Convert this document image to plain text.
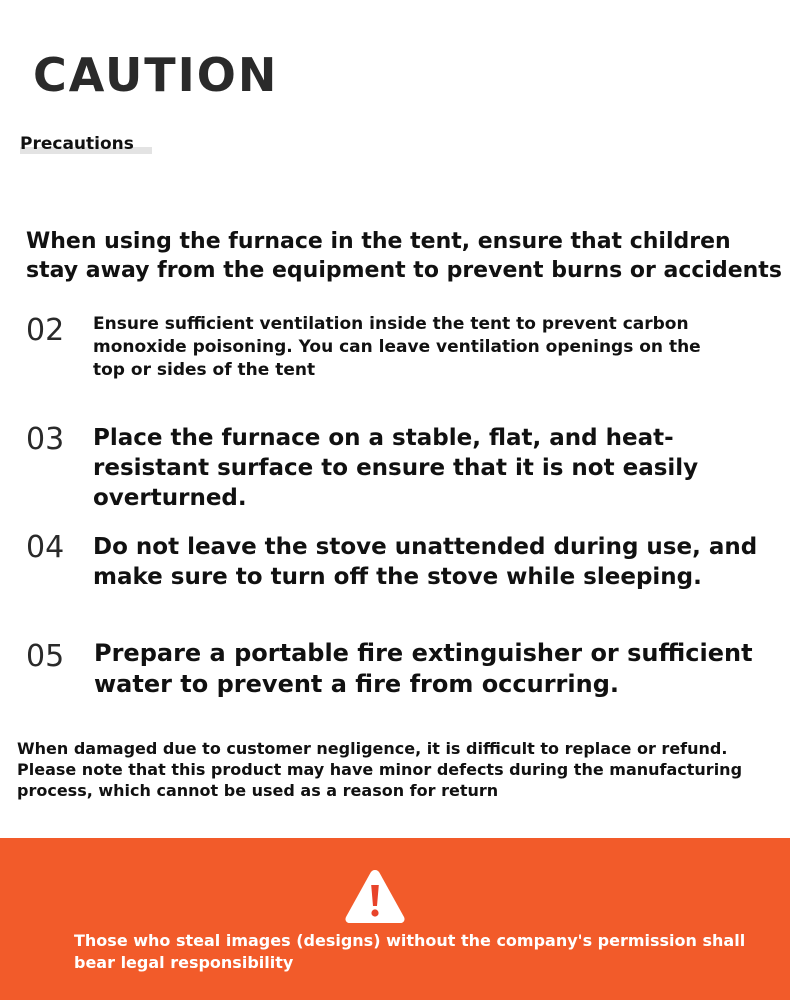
CAUTION
Precautions

When using the furnace in the tent, ensure that children stay away from the equipment to prevent burns or accidents

02 Ensure sufficient ventilation inside the tent to prevent carbon monoxide poisoning. You can leave ventilation openings on the top or sides of the tent

03 Place the furnace on a stable, flat, and heat-resistant surface to ensure that it is not easily overturned.

04 Do not leave the stove unattended during use, and make sure to turn off the stove while sleeping.

05 Prepare a portable fire extinguisher or sufficient water to prevent a fire from occurring.

When damaged due to customer negligence, it is difficult to replace or refund. Please note that this product may have minor defects during the manufacturing process, which cannot be used as a reason for return

Those who steal images (designs) without the company's permission shall bear legal responsibility
